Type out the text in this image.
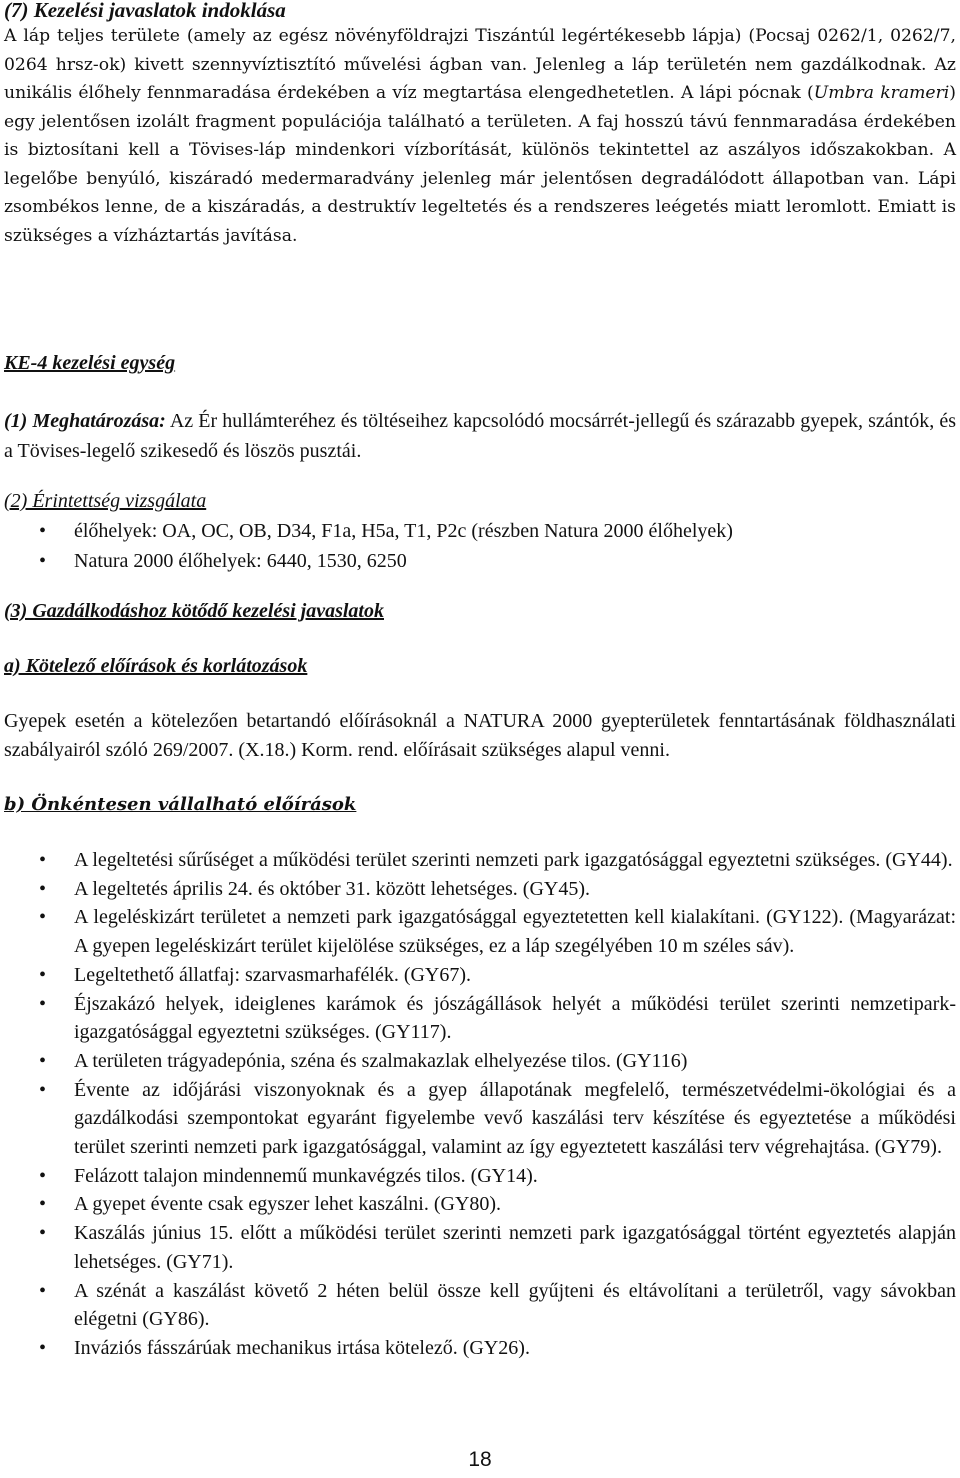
(7) Kezelési javaslatok indoklása

A láp teljes területe (amely az egész növényföldrajzi Tiszántúl legértékesebb lápja) (Pocsaj 0262/1, 0262/7, 0264 hrsz-ok) kivett szennyvíztisztító művelési ágban van. Jelenleg a láp területén nem gazdálkodnak. Az unikális élőhely fennmaradása érdekében a víz megtartása elengedhetetlen. A lápi pócnak (Umbra krameri) egy jelentősen izolált fragment populációja található a területen. A faj hosszú távú fennmaradása érdekében is biztosítani kell a Tövises-láp mindenkori vízborítását, különös tekintettel az aszályos időszakokban. A legelőbe benyúló, kiszáradó medermaradvány jelenleg már jelentősen degradálódott állapotban van. Lápi zsombékos lenne, de a kiszáradás, a destruktív legeltetés és a rendszeres leégetés miatt leromlott. Emiatt is szükséges a vízháztartás javítása.

KE-4 kezelési egység

(1) Meghatározása: Az Ér hullámteréhez és töltéseihez kapcsolódó mocsárrét-jellegű és szárazabb gyepek, szántók, és a Tövises-legelő szikesedő és löszös pusztái.

(2) Érintettség vizsgálata

• élőhelyek: OA, OC, OB, D34, F1a, H5a, T1, P2c (részben Natura 2000 élőhelyek)
• Natura 2000 élőhelyek: 6440, 1530, 6250

(3) Gazdálkodáshoz kötődő kezelési javaslatok

a) Kötelező előírások és korlátozások

Gyepek esetén a kötelezően betartandó előírásoknál a NATURA 2000 gyepterületek fenntartásának földhasználati szabályairól szóló 269/2007. (X.18.) Korm. rend. előírásait szükséges alapul venni.

b) Önkéntesen vállalható előírások

• A legeltetési sűrűséget a működési terület szerinti nemzeti park igazgatósággal egyeztetni szükséges. (GY44).
• A legeltetés április 24. és október 31. között lehetséges. (GY45).
• A legeléskizárt területet a nemzeti park igazgatósággal egyeztetetten kell kialakítani. (GY122). (Magyarázat: A gyepen legeléskizárt terület kijelölése szükséges, ez a láp szegélyében 10 m széles sáv).
• Legeltethető állatfaj: szarvasmarhafélék. (GY67).
• Éjszakázó helyek, ideiglenes karámok és jószágállások helyét a működési terület szerinti nemzetipark-igazgatósággal egyeztetni szükséges. (GY117).
• A területen trágyadepónia, széna és szalmakazlak elhelyezése tilos. (GY116)
• Évente az időjárási viszonyoknak és a gyep állapotának megfelelő, természetvédelmi-ökológiai és a gazdálkodási szempontokat egyaránt figyelembe vevő kaszálási terv készítése és egyeztetése a működési terület szerinti nemzeti park igazgatósággal, valamint az így egyeztetett kaszálási terv végrehajtása. (GY79).
• Felázott talajon mindennemű munkavégzés tilos. (GY14).
• A gyepet évente csak egyszer lehet kaszálni. (GY80).
• Kaszálás június 15. előtt a működési terület szerinti nemzeti park igazgatósággal történt egyeztetés alapján lehetséges. (GY71).
• A szénát a kaszálást követő 2 héten belül össze kell gyűjteni és eltávolítani a területről, vagy sávokban elégetni (GY86).
• Inváziós fásszárúak mechanikus irtása kötelező. (GY26).

18
